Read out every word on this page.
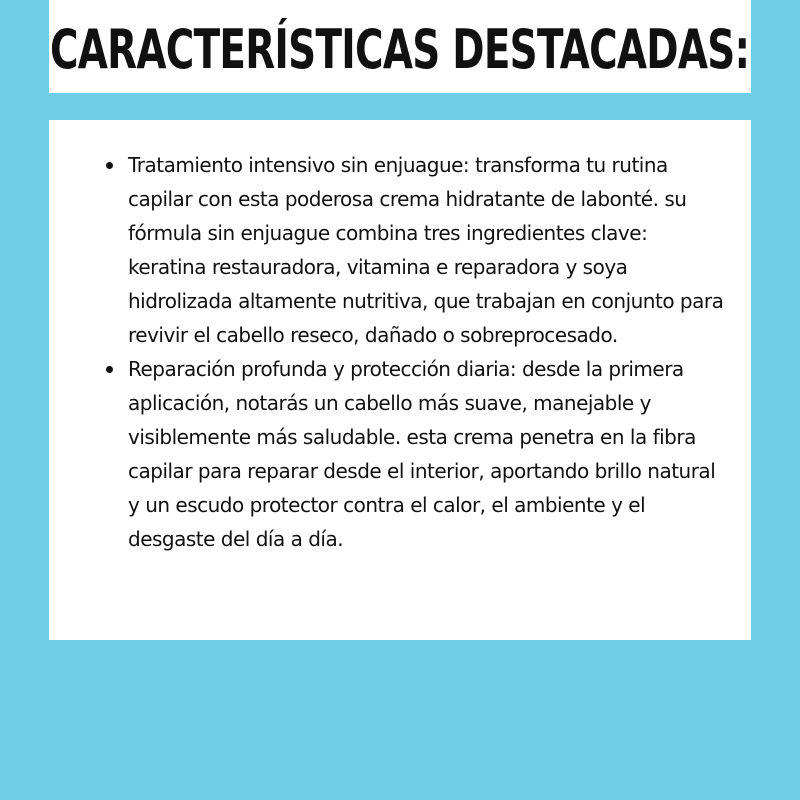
CARACTERÍSTICAS DESTACADAS:
Tratamiento intensivo sin enjuague: transforma tu rutina capilar con esta poderosa crema hidratante de labonté. su fórmula sin enjuague combina tres ingredientes clave: keratina restauradora, vitamina e reparadora y soya hidrolizada altamente nutritiva, que trabajan en conjunto para revivir el cabello reseco, dañado o sobreprocesado.
Reparación profunda y protección diaria: desde la primera aplicación, notarás un cabello más suave, manejable y visiblemente más saludable. esta crema penetra en la fibra capilar para reparar desde el interior, aportando brillo natural y un escudo protector contra el calor, el ambiente y el desgaste del día a día.
